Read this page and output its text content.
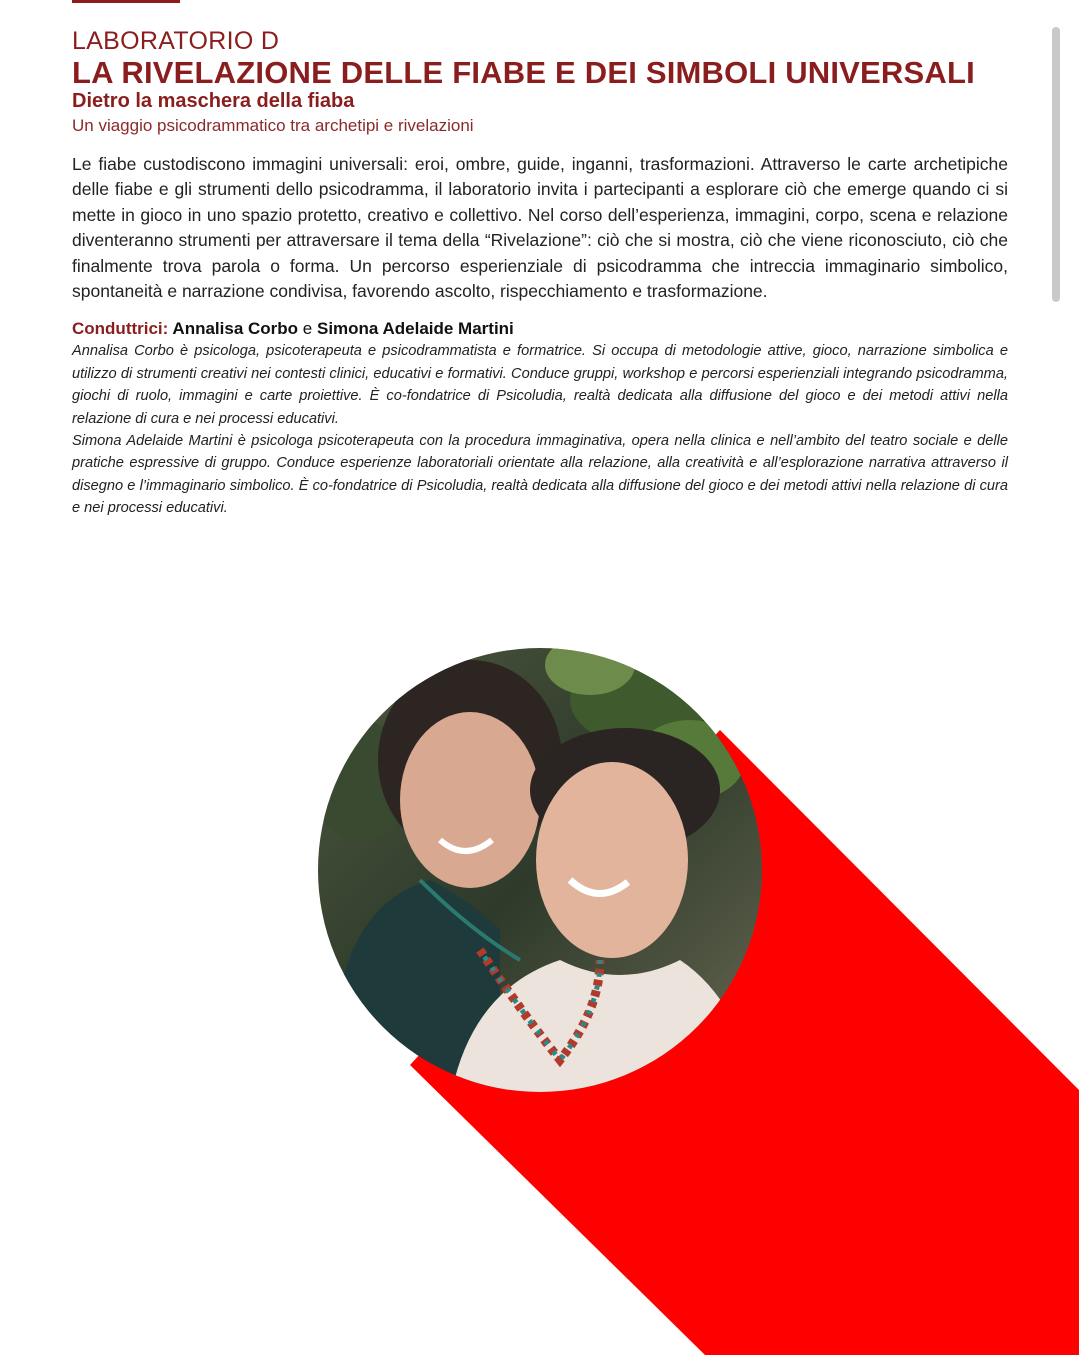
LABORATORIO D

LA RIVELAZIONE DELLE FIABE E DEI SIMBOLI UNIVERSALI
Dietro la maschera della fiaba

Un viaggio psicodrammatico tra archetipi e rivelazioni

Le fiabe custodiscono immagini universali: eroi, ombre, guide, inganni, trasformazioni. Attraverso le carte archetipiche delle fiabe e gli strumenti dello psicodramma, il laboratorio invita i partecipanti a esplorare ciò che emerge quando ci si mette in gioco in uno spazio protetto, creativo e collettivo. Nel corso dell’esperienza, immagini, corpo, scena e relazione diventeranno strumenti per attraversare il tema della “Rivelazione”: ciò che si mostra, ciò che viene riconosciuto, ciò che finalmente trova parola o forma. Un percorso esperienziale di psicodramma che intreccia immaginario simbolico, spontaneità e narrazione condivisa, favorendo ascolto, rispecchiamento e trasformazione.

Conduttrici: Annalisa Corbo e Simona Adelaide Martini

Annalisa Corbo è psicologa, psicoterapeuta e psicodrammatista e formatrice. Si occupa di metodologie attive, gioco, narrazione simbolica e utilizzo di strumenti creativi nei contesti clinici, educativi e formativi. Conduce gruppi, workshop e percorsi esperienziali integrando psicodramma, giochi di ruolo, immagini e carte proiettive. È co-fondatrice di Psicoludia, realtà dedicata alla diffusione del gioco e dei metodi attivi nella relazione di cura e nei processi educativi.

Simona Adelaide Martini è psicologa psicoterapeuta con la procedura immaginativa, opera nella clinica e nell’ambito del teatro sociale e delle pratiche espressive di gruppo. Conduce esperienze laboratoriali orientate alla relazione, alla creatività e all’esplorazione narrativa attraverso il disegno e l’immaginario simbolico. È co-fondatrice di Psicoludia, realtà dedicata alla diffusione del gioco e dei metodi attivi nella relazione di cura e nei processi educativi.
